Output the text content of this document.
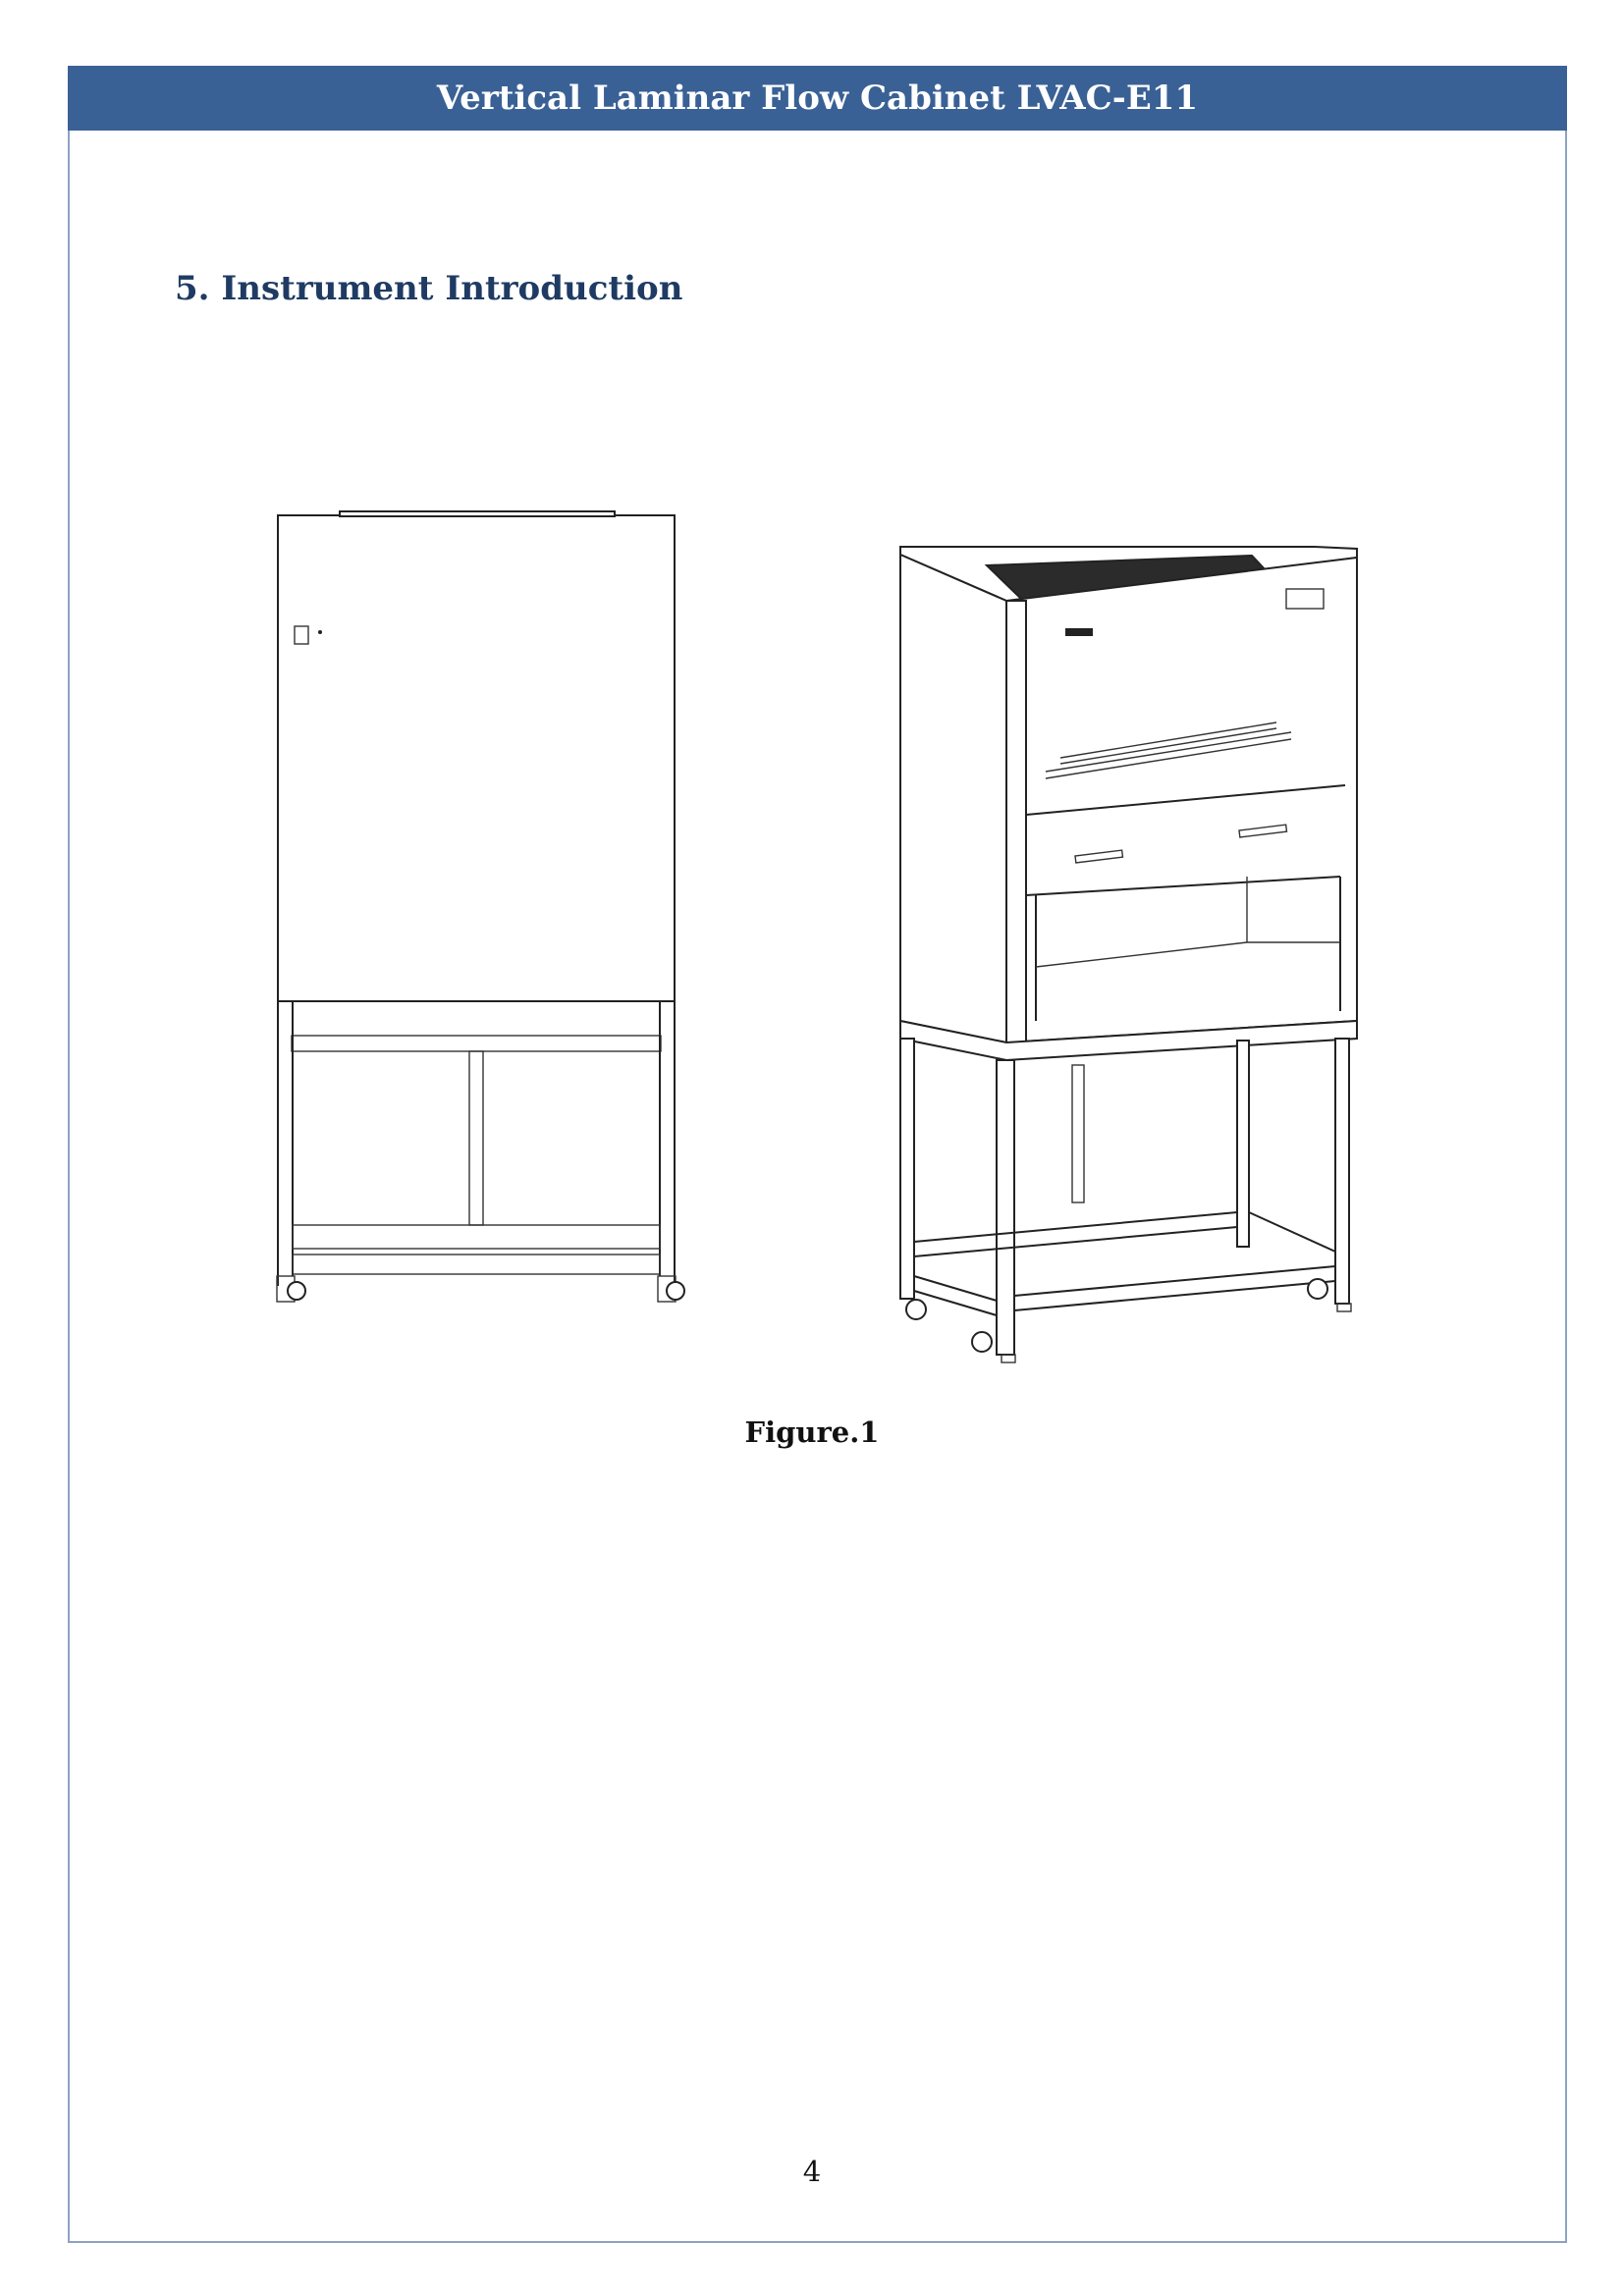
Vertical Laminar Flow Cabinet LVAC-E11
5. Instrument Introduction
Figure.1
4
